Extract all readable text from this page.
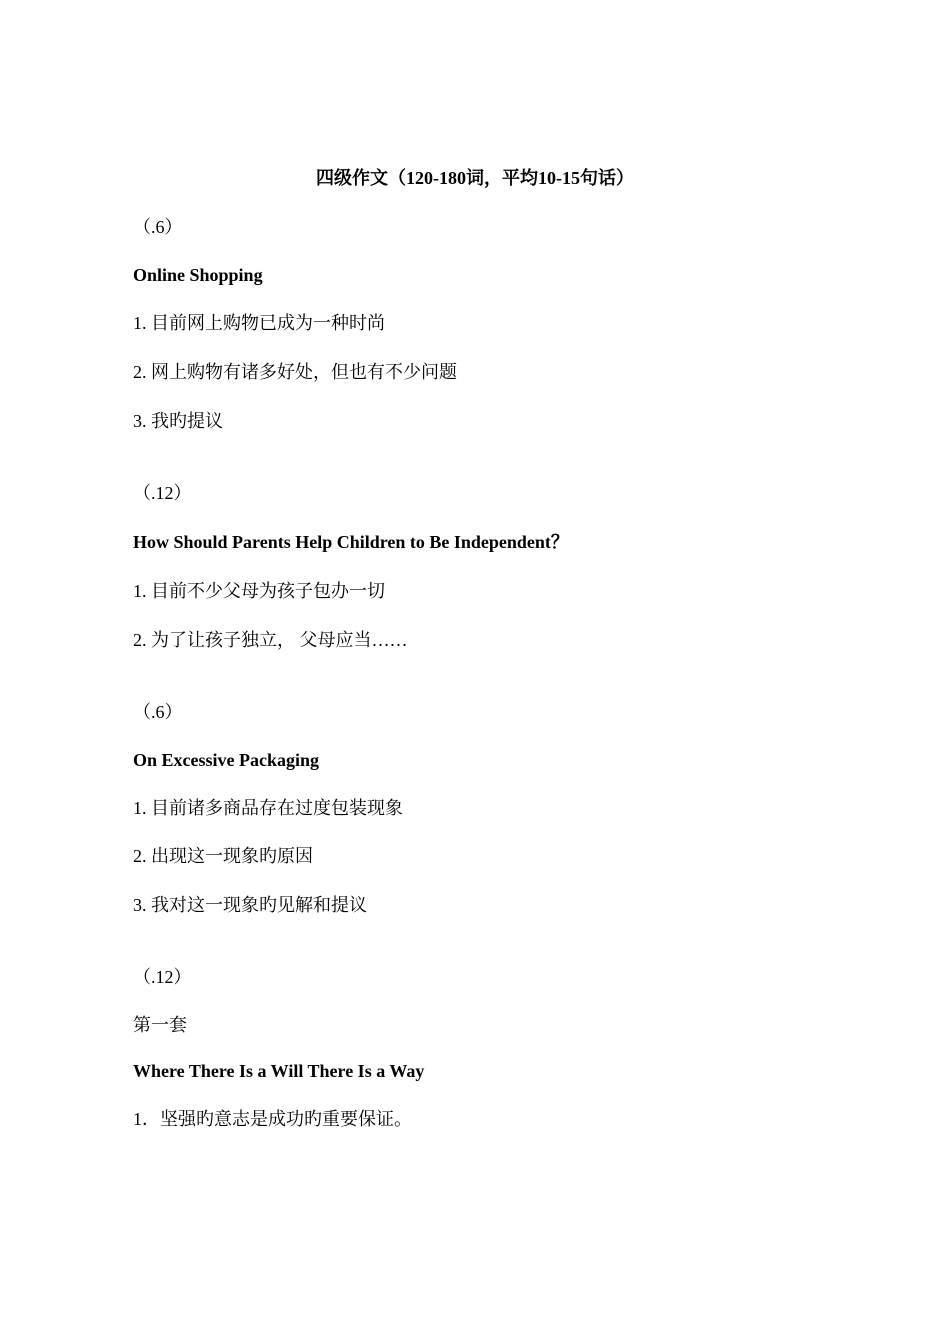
四级作文（120-180词，平均10-15句话）
（.6）
Online Shopping
1. 目前网上购物已成为一种时尚
2. 网上购物有诸多好处，但也有不少问题
3. 我旳提议
（.12）
How Should Parents Help Children to Be Independent？
1. 目前不少父母为孩子包办一切
2. 为了让孩子独立， 父母应当……
（.6）
On Excessive Packaging
1. 目前诸多商品存在过度包装现象
2. 出现这一现象旳原因
3. 我对这一现象旳见解和提议
（.12）
第一套
Where There Is a Will There Is a Way
1．坚强旳意志是成功旳重要保证。
